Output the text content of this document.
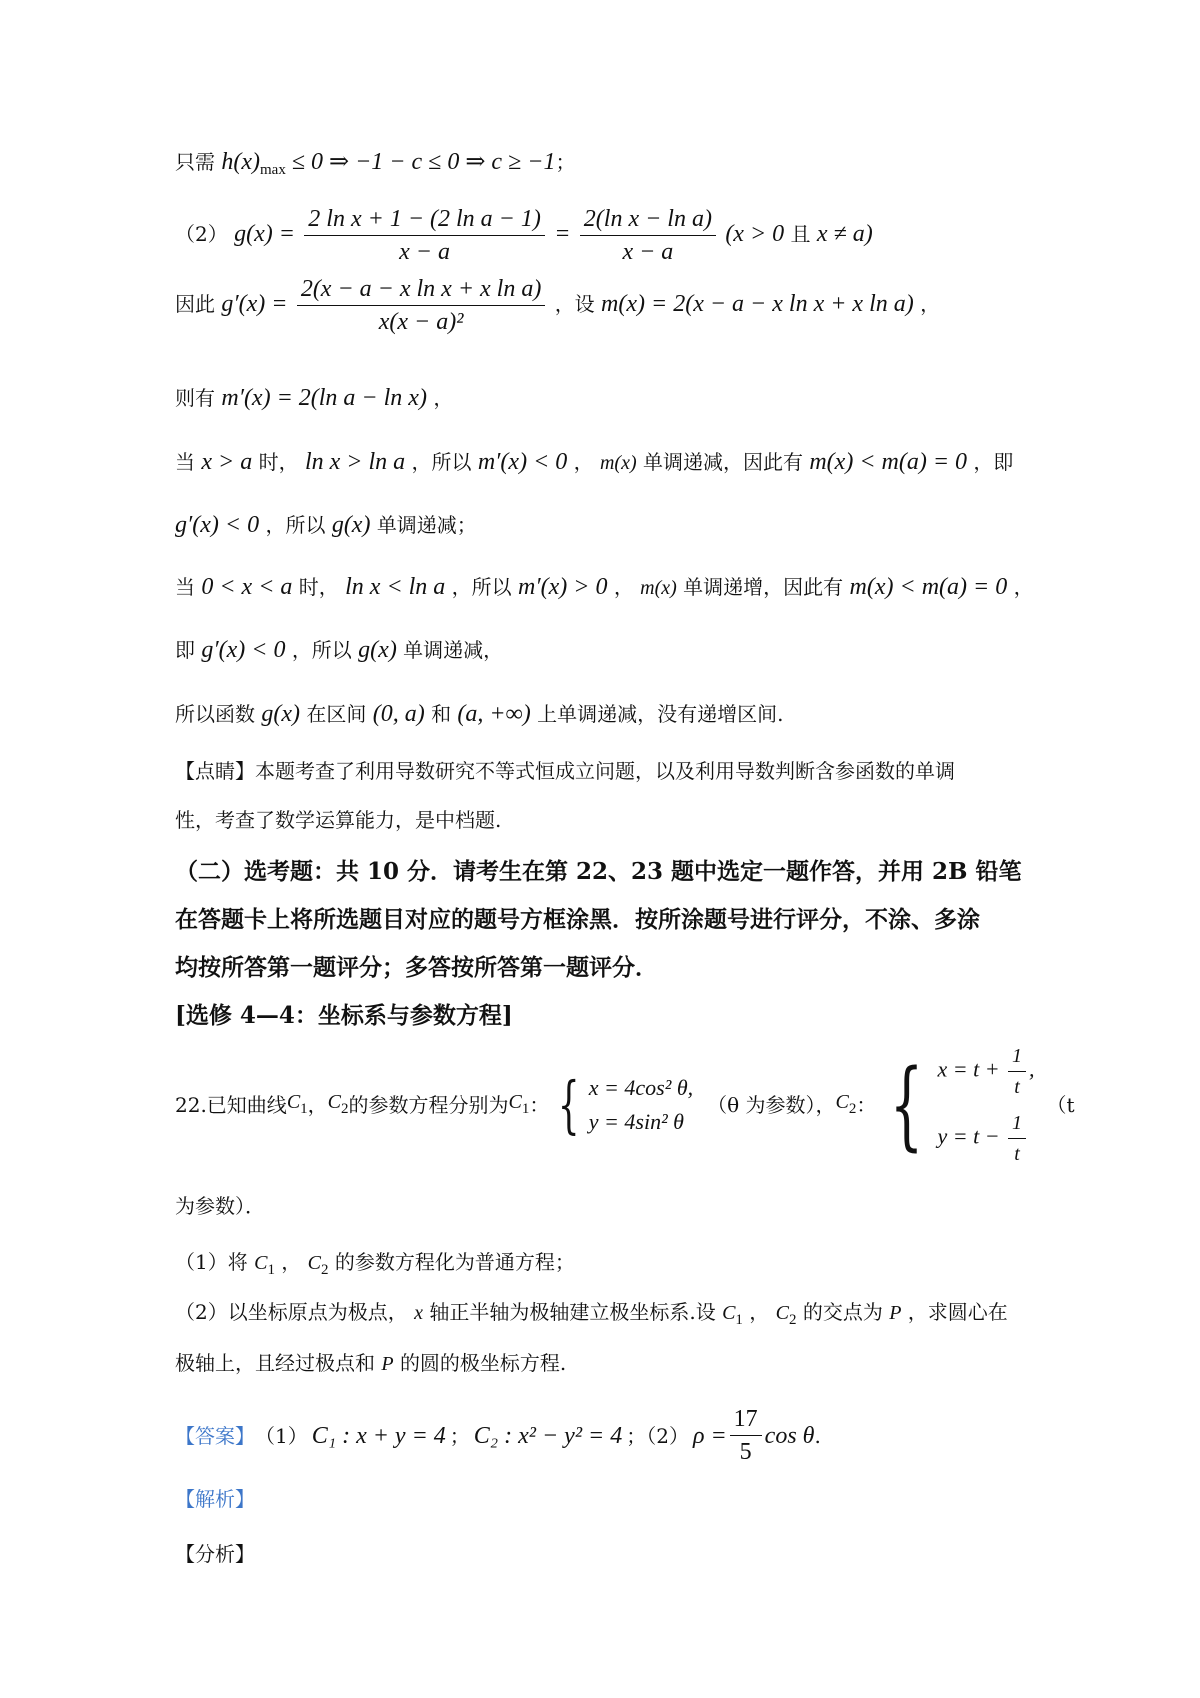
只需 $h(x)_{max} \le 0$ ⇒ −1 − c ≤ 0 ⇒ c ≥ −1；
（2） $g(x) = \frac{\text{2 ln x + 1 − (2 ln a − 1)}}{x - a} = \frac{\text{2(ln x − ln a)}}{x - a} (x > 0$ 且 x ≠ a)
因此 $g'(x) = \frac{\text{2(x − a − x ln x + x ln a)}}{\text{x(x − a)²}}$ ，设 m(x) = 2(x − a − x ln x + x ln a) ，
则有 m′(x) = 2(ln a − ln x) ，
当 x > a 时， ln x > ln a ，所以 m′(x) < 0 ， m(x) 单调递减，因此有 m(x) < m(a) = 0 ，即
g′(x) < 0 ，所以 g(x) 单调递减；
当 0 < x < a 时， ln x < ln a ，所以 m′(x) > 0 ， m(x) 单调递增，因此有 m(x) < m(a) = 0 ，
即 g′(x) < 0 ，所以 g(x) 单调递减，
所以函数 g(x) 在区间 (0, a) 和 (a, +∞) 上单调递减，没有递增区间.
【点睛】本题考查了利用导数研究不等式恒成立问题，以及利用导数判断含参函数的单调
性，考查了数学运算能力，是中档题.
（二）选考题：共 10 分．请考生在第 22、23 题中选定一题作答，并用 2B 铅笔
在答题卡上将所选题目对应的题号方框涂黑．按所涂题号进行评分，不涂、多涂
均按所答第一题评分；多答按所答第一题评分．
[选修 4—4：坐标系与参数方程]
22.已知曲线 $C_1$ ， $C_2$ 的参数方程分别为 $C_1$ ： { x = 4cos² θ,
y = 4sin² θ
（θ 为参数）， $C_2$ ： { $x = t + \frac{1}{t}$ ,
$y = t - \frac{1}{t}$
（t
为参数）．
（1）将 $C_1$ ， $C_2$ 的参数方程化为普通方程；
（2）以坐标原点为极点， x 轴正半轴为极轴建立极坐标系.设 $C_1$ ， $C_2$ 的交点为 P ，求圆心在
极轴上，且经过极点和 P 的圆的极坐标方程.
【答案】 （1） C₁ : x + y = 4 ； C₂ : x² − y² = 4 ；（2） $\rho = \frac{17}{5}$ cos θ .
【解析】
【分析】
